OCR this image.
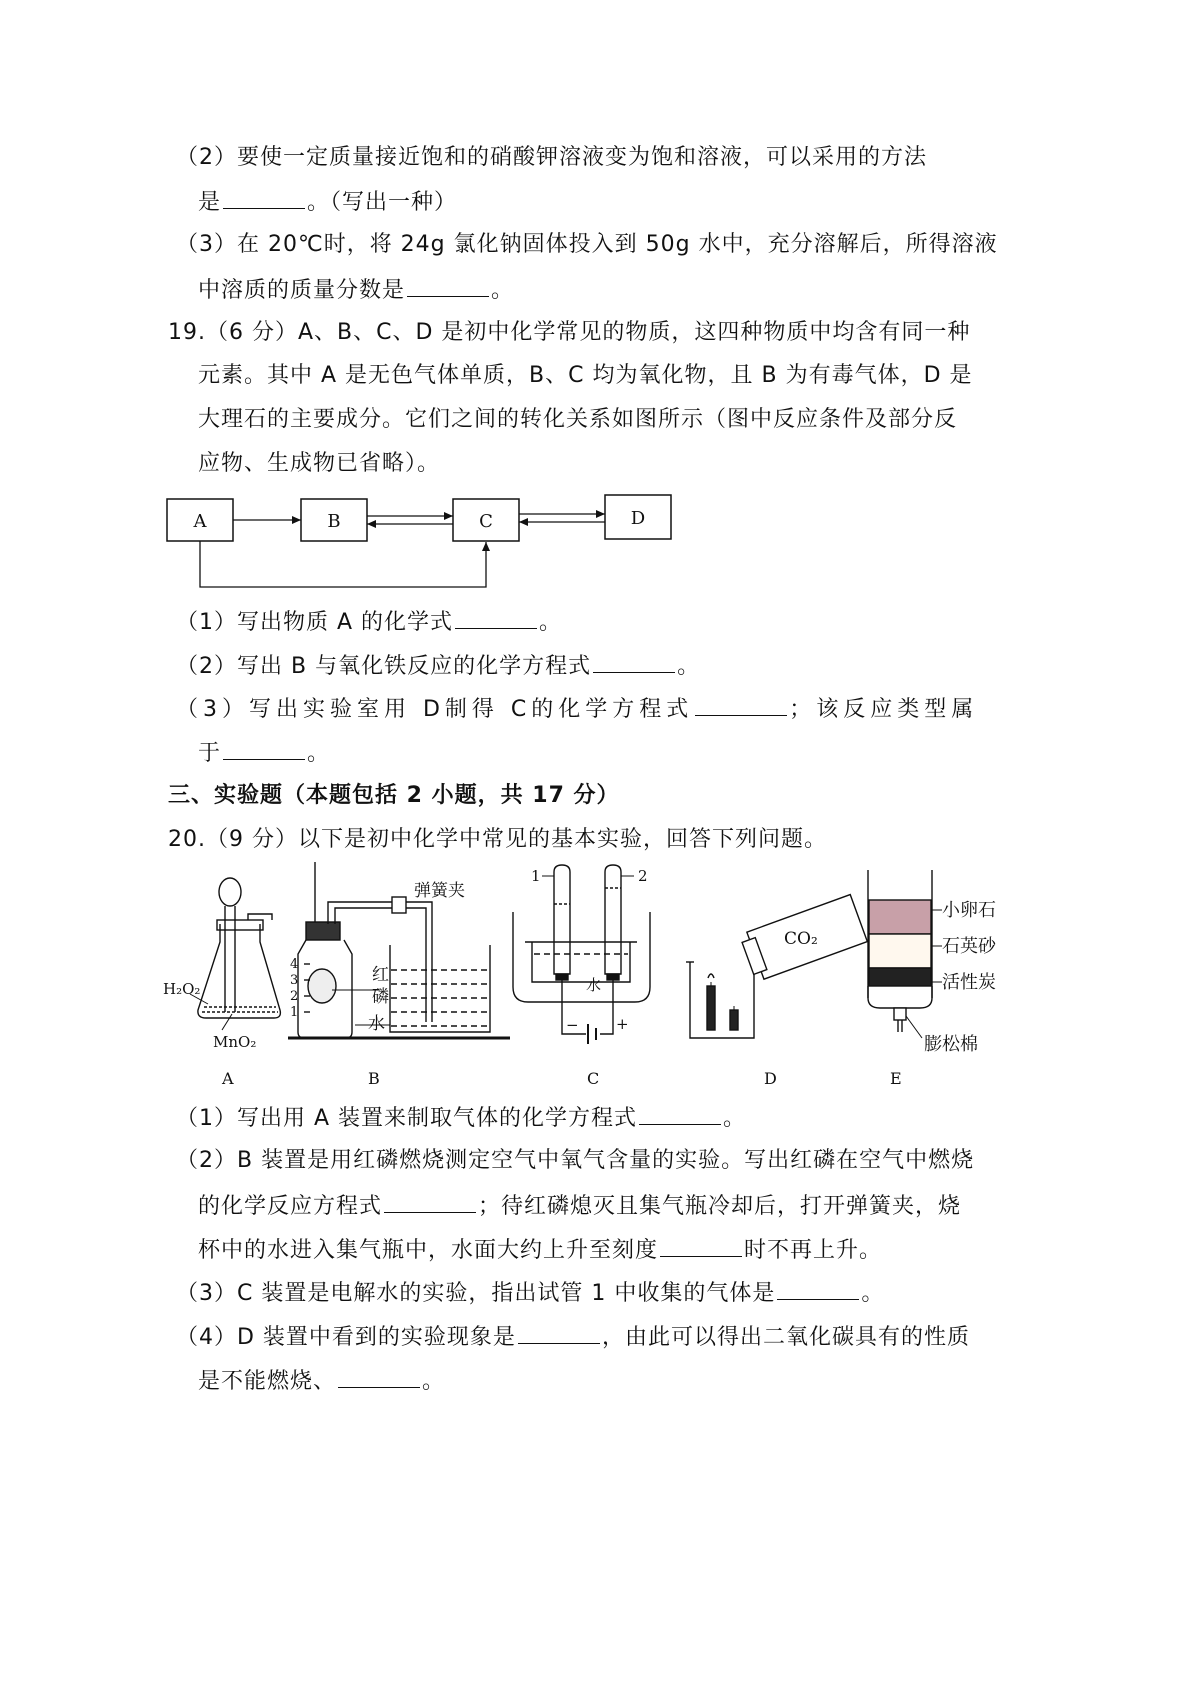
（2）要使一定质量接近饱和的硝酸钾溶液变为饱和溶液，可以采用的方法
是	。（写出一种）
（3）在 20℃时，将 24g 氯化钠固体投入到 50g 水中，充分溶解后，所得溶液
中溶质的质量分数是	。
19.（6 分）A、B、C、D 是初中化学常见的物质，这四种物质中均含有同一种
元素。其中 A 是无色气体单质，B、C 均为氧化物，且 B 为有毒气体，D 是
大理石的主要成分。它们之间的转化关系如图所示（图中反应条件及部分反
应物、生成物已省略）。
A	B	C	D
（1）写出物质 A 的化学式	。
（2）写出 B 与氧化铁反应的化学方程式	。
（3）写出实验室用 D制得 C的化学方程式	；该反应类型属
于	。
三、实验题（本题包括 2 小题，共 17 分）
20.（9 分）以下是初中化学中常见的基本实验，回答下列问题。
H₂O₂
MnO₂
A
4
3
2
1
弹簧夹
红
磷
水
B
1	2
水
− +
C
CO₂
D
小卵石
石英砂
活性炭
膨松棉
E
（1）写出用 A 装置来制取气体的化学方程式	。
（2）B 装置是用红磷燃烧测定空气中氧气含量的实验。写出红磷在空气中燃烧
的化学反应方程式	；待红磷熄灭且集气瓶冷却后，打开弹簧夹，烧
杯中的水进入集气瓶中，水面大约上升至刻度	时不再上升。
（3）C 装置是电解水的实验，指出试管 1 中收集的气体是	。
（4）D 装置中看到的实验现象是	，由此可以得出二氧化碳具有的性质
是不能燃烧、	。
